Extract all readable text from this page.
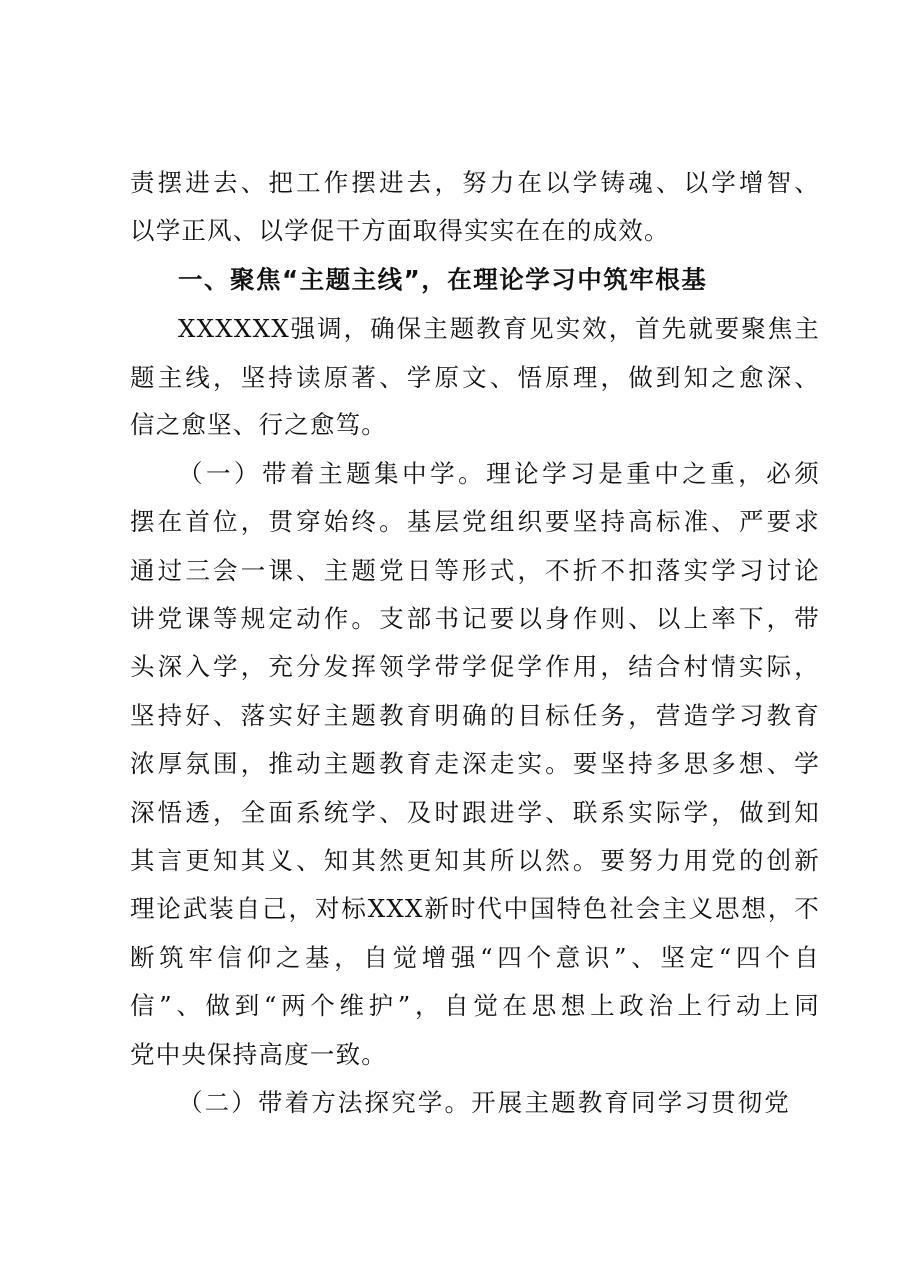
责摆进去、把工作摆进去，努力在以学铸魂、以学增智、
以学正风、以学促干方面取得实实在在的成效。
一、聚焦“主题主线”，在理论学习中筑牢根基
XXXXXX强调，确保主题教育见实效，首先就要聚焦主
题主线，坚持读原著、学原文、悟原理，做到知之愈深、
信之愈坚、行之愈笃。
（一）带着主题集中学。理论学习是重中之重，必须
摆在首位，贯穿始终。基层党组织要坚持高标准、严要求
通过三会一课、主题党日等形式，不折不扣落实学习讨论
讲党课等规定动作。支部书记要以身作则、以上率下，带
头深入学，充分发挥领学带学促学作用，结合村情实际，
坚持好、落实好主题教育明确的目标任务，营造学习教育
浓厚氛围，推动主题教育走深走实。要坚持多思多想、学
深悟透，全面系统学、及时跟进学、联系实际学，做到知
其言更知其义、知其然更知其所以然。要努力用党的创新
理论武装自己，对标XXX新时代中国特色社会主义思想，不
断筑牢信仰之基，自觉增强“四个意识”、坚定“四个自
信”、做到“两个维护”，自觉在思想上政治上行动上同
党中央保持高度一致。
（二）带着方法探究学。开展主题教育同学习贯彻党
